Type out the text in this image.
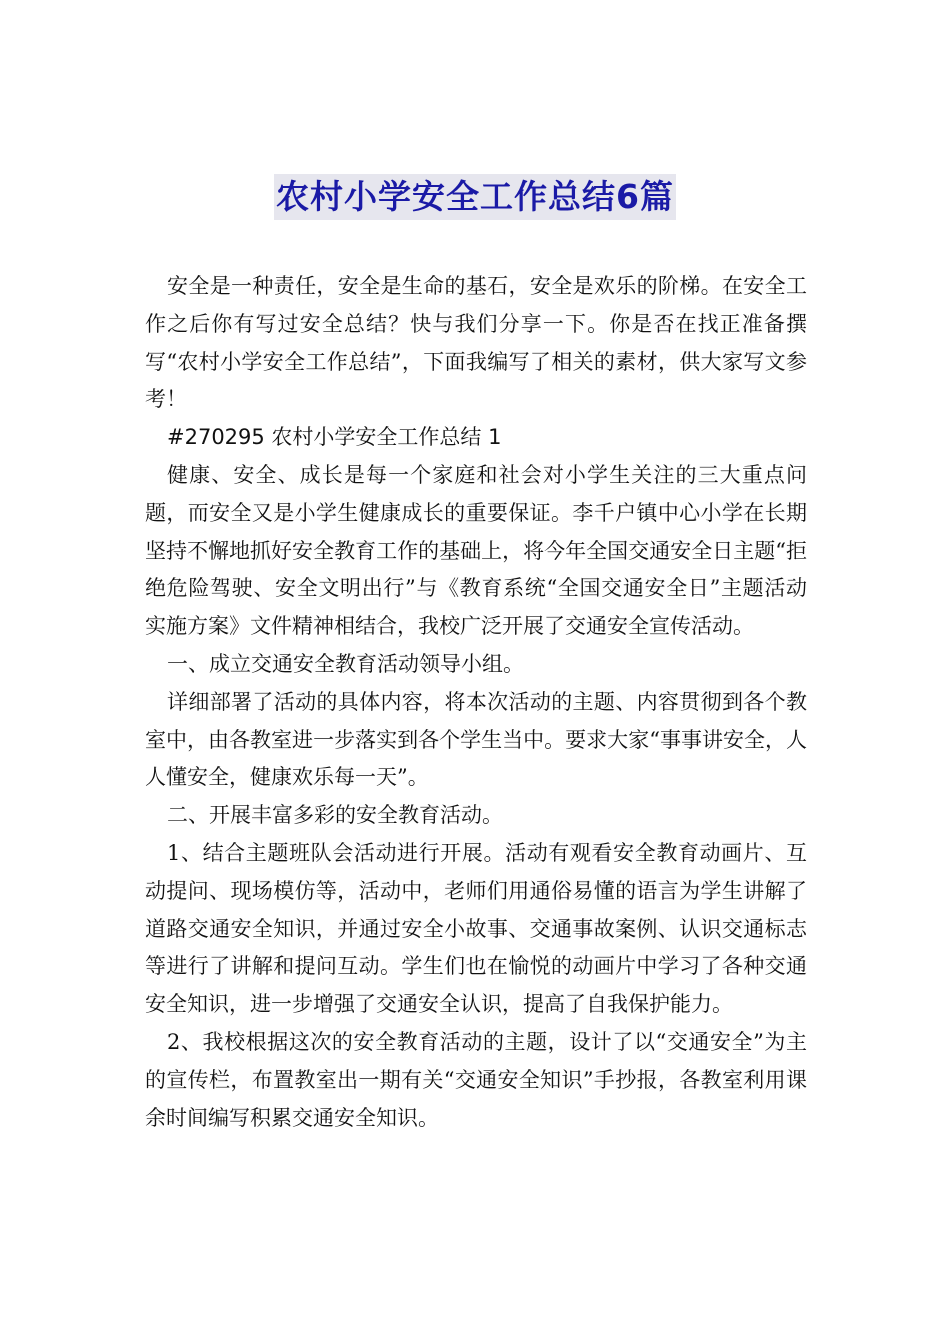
农村小学安全工作总结6篇

安全是一种责任，安全是生命的基石，安全是欢乐的阶梯。在安全工作之后你有写过安全总结？快与我们分享一下。你是否在找正准备撰写“农村小学安全工作总结”，下面我编写了相关的素材，供大家写文参考！

#270295 农村小学安全工作总结 1

健康、安全、成长是每一个家庭和社会对小学生关注的三大重点问题，而安全又是小学生健康成长的重要保证。李千户镇中心小学在长期坚持不懈地抓好安全教育工作的基础上，将今年全国交通安全日主题“拒绝危险驾驶、安全文明出行”与《教育系统“全国交通安全日”主题活动实施方案》文件精神相结合，我校广泛开展了交通安全宣传活动。

一、成立交通安全教育活动领导小组。

详细部署了活动的具体内容，将本次活动的主题、内容贯彻到各个教室中，由各教室进一步落实到各个学生当中。要求大家“事事讲安全，人人懂安全，健康欢乐每一天”。

二、开展丰富多彩的安全教育活动。

1、结合主题班队会活动进行开展。活动有观看安全教育动画片、互动提问、现场模仿等，活动中，老师们用通俗易懂的语言为学生讲解了道路交通安全知识，并通过安全小故事、交通事故案例、认识交通标志等进行了讲解和提问互动。学生们也在愉悦的动画片中学习了各种交通安全知识，进一步增强了交通安全认识，提高了自我保护能力。

2、我校根据这次的安全教育活动的主题，设计了以“交通安全”为主的宣传栏，布置教室出一期有关“交通安全知识”手抄报，各教室利用课余时间编写积累交通安全知识。
